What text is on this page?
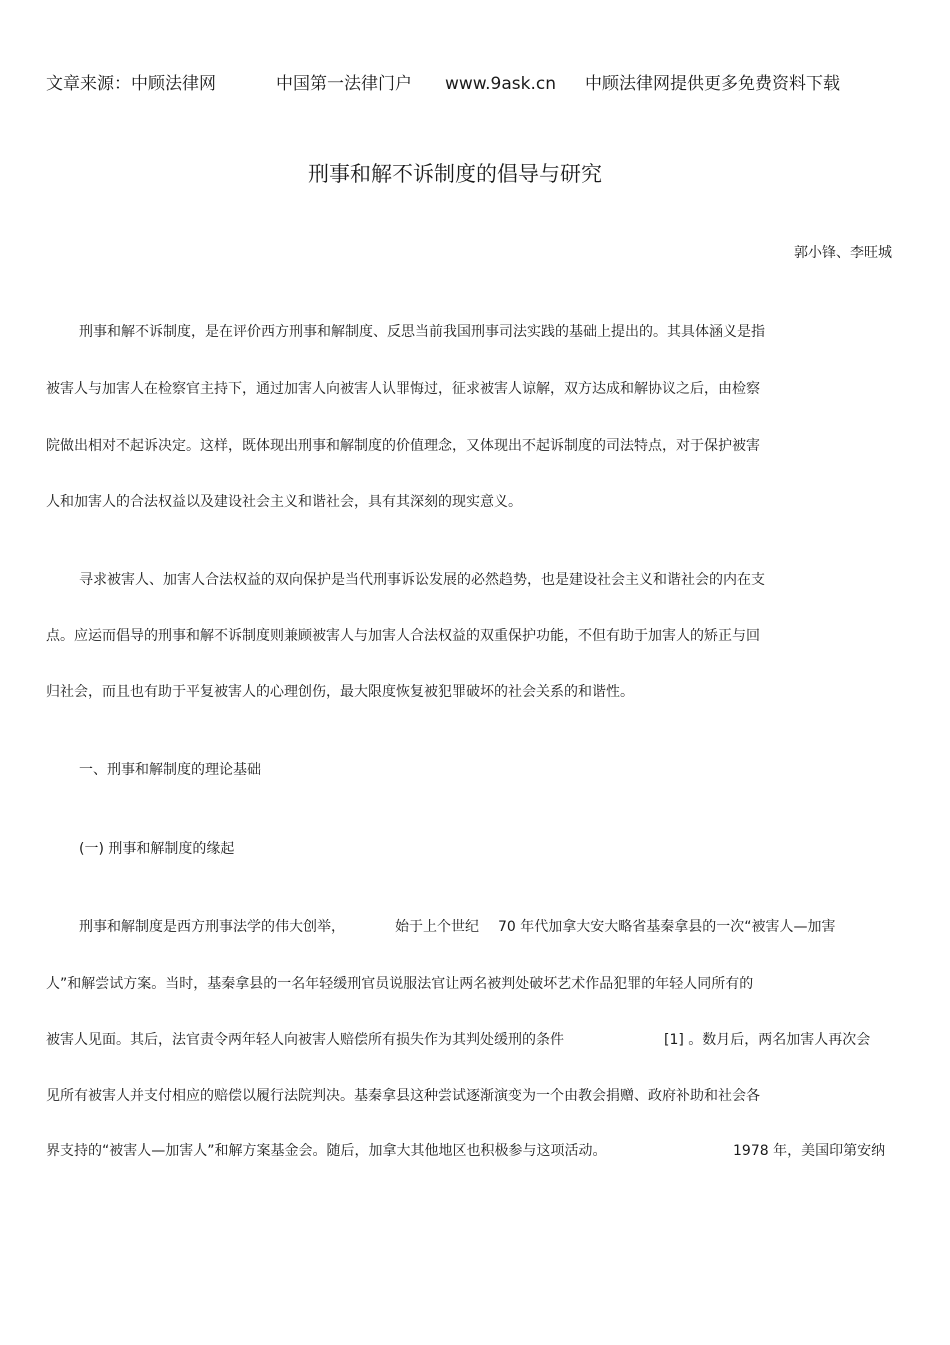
文章来源：中顾法律网	中国第一法律门户 www.9ask.cn 中顾法律网提供更多免费资料下载
刑事和解不诉制度的倡导与研究
郭小锋、李旺城

刑事和解不诉制度，是在评价西方刑事和解制度、反思当前我国刑事司法实践的基础上提出的。其具体涵义是指

被害人与加害人在检察官主持下，通过加害人向被害人认罪悔过，征求被害人谅解，双方达成和解协议之后，由检察

院做出相对不起诉决定。这样，既体现出刑事和解制度的价值理念，又体现出不起诉制度的司法特点，对于保护被害

人和加害人的合法权益以及建设社会主义和谐社会，具有其深刻的现实意义。

寻求被害人、加害人合法权益的双向保护是当代刑事诉讼发展的必然趋势，也是建设社会主义和谐社会的内在支

点。应运而倡导的刑事和解不诉制度则兼顾被害人与加害人合法权益的双重保护功能，不但有助于加害人的矫正与回

归社会，而且也有助于平复被害人的心理创伤，最大限度恢复被犯罪破坏的社会关系的和谐性。

一、刑事和解制度的理论基础

(一) 刑事和解制度的缘起

刑事和解制度是西方刑事法学的伟大创举，	始于上个世纪 70 年代加拿大安大略省基秦拿县的一次“被害人—加害

人”和解尝试方案。当时，基秦拿县的一名年轻缓刑官员说服法官让两名被判处破坏艺术作品犯罪的年轻人同所有的

被害人见面。其后，法官责令两年轻人向被害人赔偿所有损失作为其判处缓刑的条件	[1] 。数月后，两名加害人再次会

见所有被害人并支付相应的赔偿以履行法院判决。基秦拿县这种尝试逐渐演变为一个由教会捐赠、政府补助和社会各

界支持的“被害人—加害人”和解方案基金会。随后，加拿大其他地区也积极参与这项活动。	1978 年，美国印第安纳
